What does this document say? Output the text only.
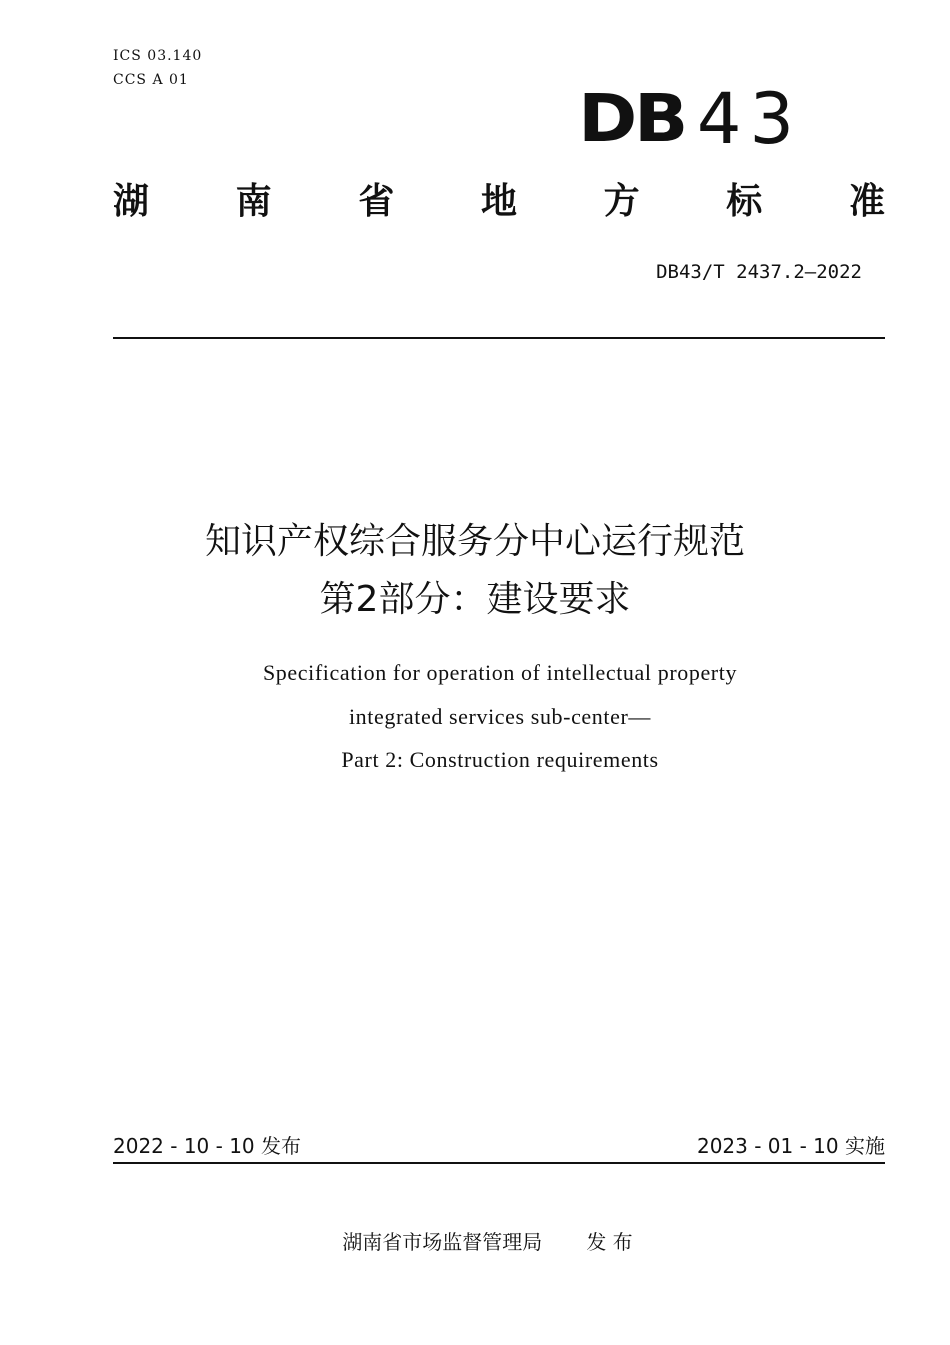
ICS 03.140
CCS A 01	DB 43
湖 南 省 地 方 标 准
DB43/T 2437.2—2022
知识产权综合服务分中心运行规范
第2部分：建设要求
Specification for operation of intellectual property
integrated services sub-center—
Part 2: Construction requirements
2022 - 10 - 10 发布	2023 - 01 - 10 实施
湖南省市场监督管理局 发 布
